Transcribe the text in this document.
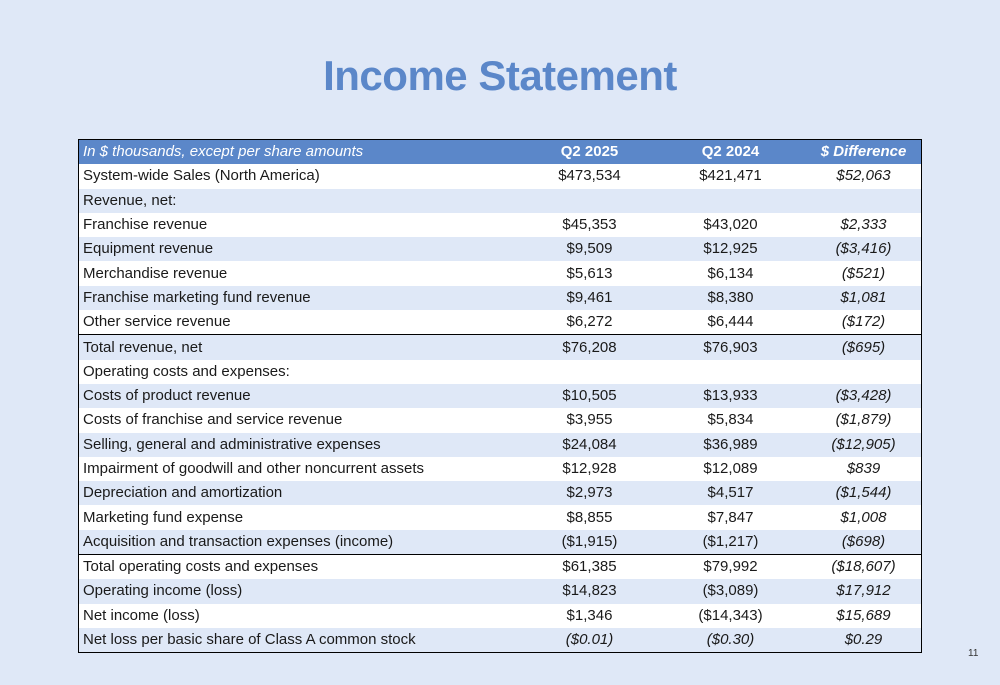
Income Statement
In $ thousands, except per share amounts	Q2 2025	Q2 2024	$ Difference
System-wide Sales (North America)	$473,534	$421,471	$52,063
Revenue, net:			
Franchise revenue	$45,353	$43,020	$2,333
Equipment revenue	$9,509	$12,925	($3,416)
Merchandise revenue	$5,613	$6,134	($521)
Franchise marketing fund revenue	$9,461	$8,380	$1,081
Other service revenue	$6,272	$6,444	($172)
Total revenue, net	$76,208	$76,903	($695)
Operating costs and expenses:			
Costs of product revenue	$10,505	$13,933	($3,428)
Costs of franchise and service revenue	$3,955	$5,834	($1,879)
Selling, general and administrative expenses	$24,084	$36,989	($12,905)
Impairment of goodwill and other noncurrent assets	$12,928	$12,089	$839
Depreciation and amortization	$2,973	$4,517	($1,544)
Marketing fund expense	$8,855	$7,847	$1,008
Acquisition and transaction expenses (income)	($1,915)	($1,217)	($698)
Total operating costs and expenses	$61,385	$79,992	($18,607)
Operating income (loss)	$14,823	($3,089)	$17,912
Net income (loss)	$1,346	($14,343)	$15,689
Net loss per basic share of Class A common stock	($0.01)	($0.30)	$0.29
11
